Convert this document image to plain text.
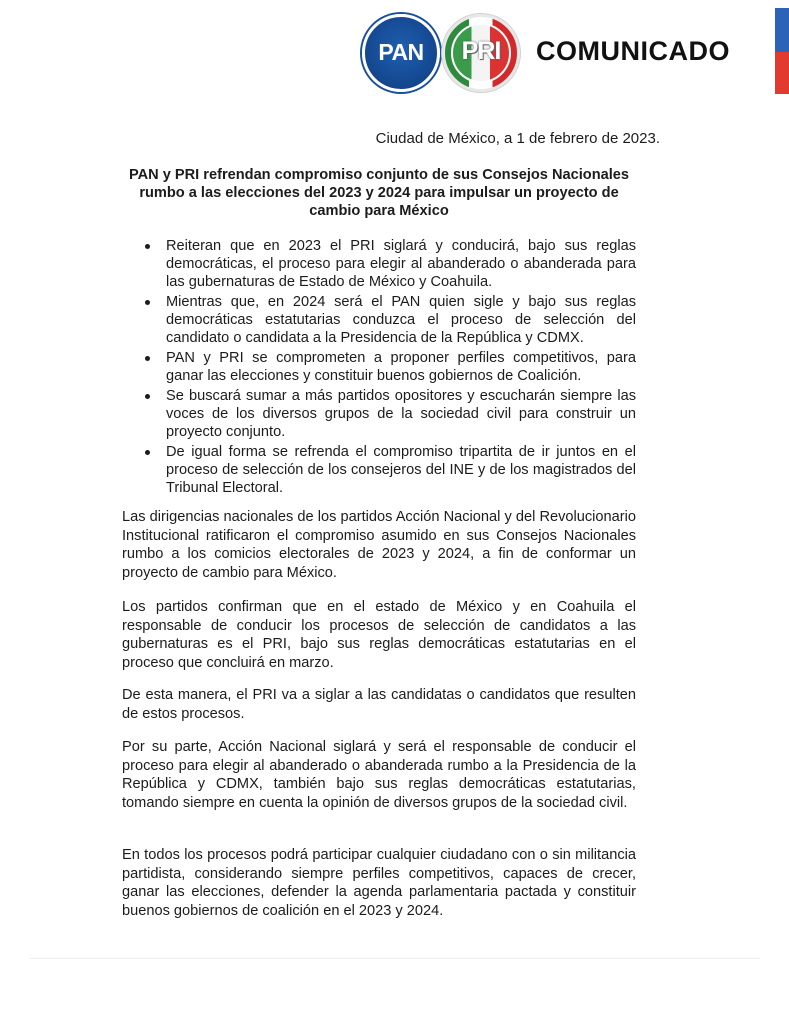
PAN	PRI	COMUNICADO
Ciudad de México, a 1 de febrero de 2023.
PAN y PRI refrendan compromiso conjunto de sus Consejos Nacionales rumbo a las elecciones del 2023 y 2024 para impulsar un proyecto de cambio para México
Reiteran que en 2023 el PRI siglará y conducirá, bajo sus reglas democráticas, el proceso para elegir al abanderado o abanderada para las gubernaturas de Estado de México y Coahuila.
Mientras que, en 2024 será el PAN quien sigle y bajo sus reglas democráticas estatutarias conduzca el proceso de selección del candidato o candidata a la Presidencia de la República y CDMX.
PAN y PRI se comprometen a proponer perfiles competitivos, para ganar las elecciones y constituir buenos gobiernos de Coalición.
Se buscará sumar a más partidos opositores y escucharán siempre las voces de los diversos grupos de la sociedad civil para construir un proyecto conjunto.
De igual forma se refrenda el compromiso tripartita de ir juntos en el proceso de selección de los consejeros del INE y de los magistrados del Tribunal Electoral.

Las dirigencias nacionales de los partidos Acción Nacional y del Revolucionario Institucional ratificaron el compromiso asumido en sus Consejos Nacionales rumbo a los comicios electorales de 2023 y 2024, a fin de conformar un proyecto de cambio para México.

Los partidos confirman que en el estado de México y en Coahuila el responsable de conducir los procesos de selección de candidatos a las gubernaturas es el PRI, bajo sus reglas democráticas estatutarias en el proceso que concluirá en marzo.

De esta manera, el PRI va a siglar a las candidatas o candidatos que resulten de estos procesos.

Por su parte, Acción Nacional siglará y será el responsable de conducir el proceso para elegir al abanderado o abanderada rumbo a la Presidencia de la República y CDMX, también bajo sus reglas democráticas estatutarias, tomando siempre en cuenta la opinión de diversos grupos de la sociedad civil.

En todos los procesos podrá participar cualquier ciudadano con o sin militancia partidista, considerando siempre perfiles competitivos, capaces de crecer, ganar las elecciones, defender la agenda parlamentaria pactada y constituir buenos gobiernos de coalición en el 2023 y 2024.
